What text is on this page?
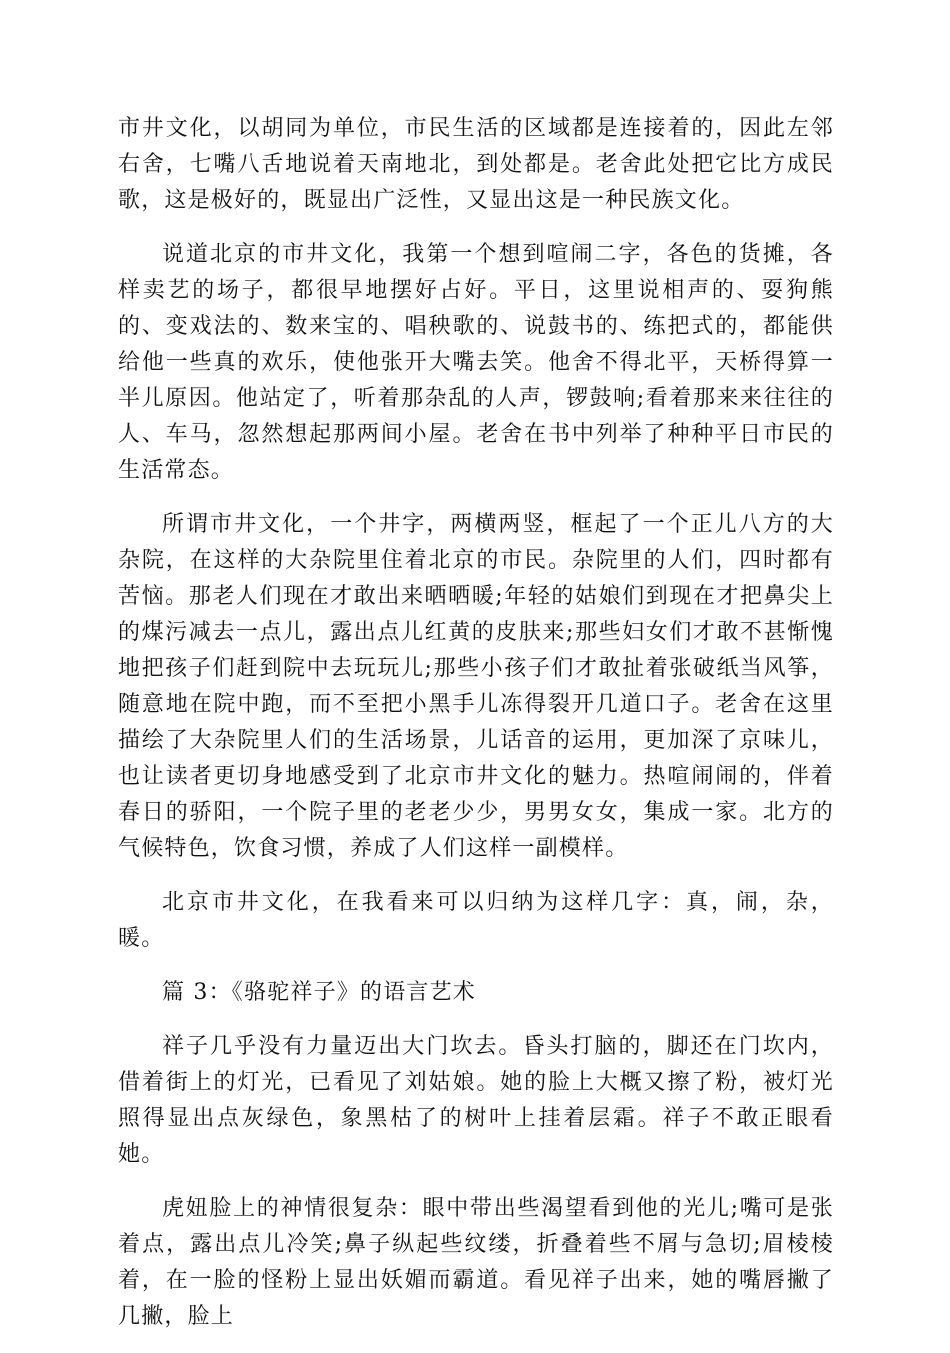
市井文化，以胡同为单位，市民生活的区域都是连接着的，因此左邻右舍，七嘴八舌地说着天南地北，到处都是。老舍此处把它比方成民歌，这是极好的，既显出广泛性，又显出这是一种民族文化。

说道北京的市井文化，我第一个想到喧闹二字，各色的货摊，各样卖艺的场子，都很早地摆好占好。平日，这里说相声的、耍狗熊的、变戏法的、数来宝的、唱秧歌的、说鼓书的、练把式的，都能供给他一些真的欢乐，使他张开大嘴去笑。他舍不得北平，天桥得算一半儿原因。他站定了，听着那杂乱的人声，锣鼓响;看着那来来往往的人、车马，忽然想起那两间小屋。老舍在书中列举了种种平日市民的生活常态。

所谓市井文化，一个井字，两横两竖，框起了一个正儿八方的大杂院，在这样的大杂院里住着北京的市民。杂院里的人们，四时都有苦恼。那老人们现在才敢出来晒晒暖;年轻的姑娘们到现在才把鼻尖上的煤污减去一点儿，露出点儿红黄的皮肤来;那些妇女们才敢不甚惭愧地把孩子们赶到院中去玩玩儿;那些小孩子们才敢扯着张破纸当风筝，随意地在院中跑，而不至把小黑手儿冻得裂开几道口子。老舍在这里描绘了大杂院里人们的生活场景，儿话音的运用，更加深了京味儿，也让读者更切身地感受到了北京市井文化的魅力。热喧闹闹的，伴着春日的骄阳，一个院子里的老老少少，男男女女，集成一家。北方的气候特色，饮食习惯，养成了人们这样一副模样。

北京市井文化，在我看来可以归纳为这样几字：真，闹，杂，暖。

篇 3：《骆驼祥子》的语言艺术

祥子几乎没有力量迈出大门坎去。昏头打脑的，脚还在门坎内，借着街上的灯光，已看见了刘姑娘。她的脸上大概又擦了粉，被灯光照得显出点灰绿色，象黑枯了的树叶上挂着层霜。祥子不敢正眼看她。

虎妞脸上的神情很复杂：眼中带出些渴望看到他的光儿;嘴可是张着点，露出点儿冷笑;鼻子纵起些纹缕，折叠着些不屑与急切;眉棱棱着，在一脸的怪粉上显出妖媚而霸道。看见祥子出来，她的嘴唇撇了几撇，脸上
